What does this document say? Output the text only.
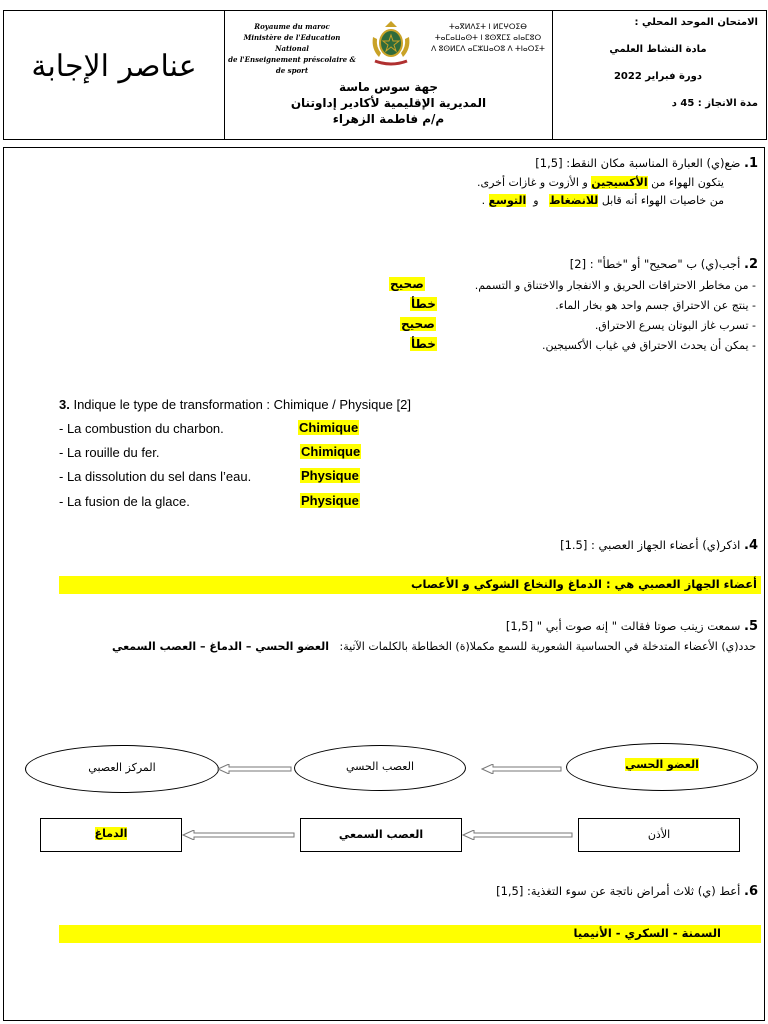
عناصر الإجابة
Royaume du maroc
Ministère de l'Education National
de l'Enseignement préscolaire & de sport
ⵜⴰⴳⵍⴷⵉⵜ ⵏ ⵍⵎⵖⵔⵉⴱ
ⵜⴰⵎⴰⵡⴰⵙⵜ ⵏ ⵓⵙⴳⵎⵉ ⴰⵏⴰⵎⵓⵔ
ⴷ ⵓⵙⵍⵎⴷ ⴰⵎⵣⵡⴰⵔⵓ ⴷ ⵜⵏⴰⵔⵉⵜ
جهة سوس ماسة
المديرية الإقليمية لأكادير إداوتنان
م/م فاطمة الزهراء
الامتحان الموحد المحلي :
مادة النشاط العلمي
دورة فبراير 2022
مدة الانجاز : 45 د
1. ضع(ي) العبارة المناسبة مكان النقط: [1,5]
يتكون الهواء من الأكسيجين و الأزوت و غازات أخرى.
من خاصيات الهواء أنه قابل للانضغاط   و  التوسع .
2. أجب(ي) ب "صحيح" أو "خطأ" : [2]
- من مخاطر الاحتراقات الحريق و الانفجار والاختناق و التسمم.
صحيح
- ينتج عن الاحتراق جسم واحد هو بخار الماء.
خطأ
- تسرب غاز البوتان يسرع الاحتراق.
صحيح
- يمكن أن يحدث الاحتراق في غياب الأكسيجين.
خطأ
3. Indique le type de transformation : Chimique / Physique [2]
- La combustion du charbon.	Chimique
- La rouille du fer.	Chimique
- La dissolution du sel dans l’eau.	Physique
- La fusion de la glace.	Physique
4. اذكر(ي) أعضاء الجهاز العصبي : [1.5]
أعضاء الجهاز العصبي هي : الدماغ والنخاع الشوكي و الأعصاب
5. سمعت زينب صوتا فقالت " إنه صوت أبي " [1,5]
حدد(ي) الأعضاء المتدخلة في الحساسية الشعورية للسمع مكملا(ة) الخطاطة بالكلمات الآتية:   العضو الحسي – الدماغ – العصب السمعي
العضو الحسي
العصب الحسي
المركز العصبي
الأذن
العصب السمعي
الدماغ
6. أعط (ي) ثلاث أمراض ناتجة عن سوء التغذية: [1,5]
السمنة - السكري - الأنيميا
